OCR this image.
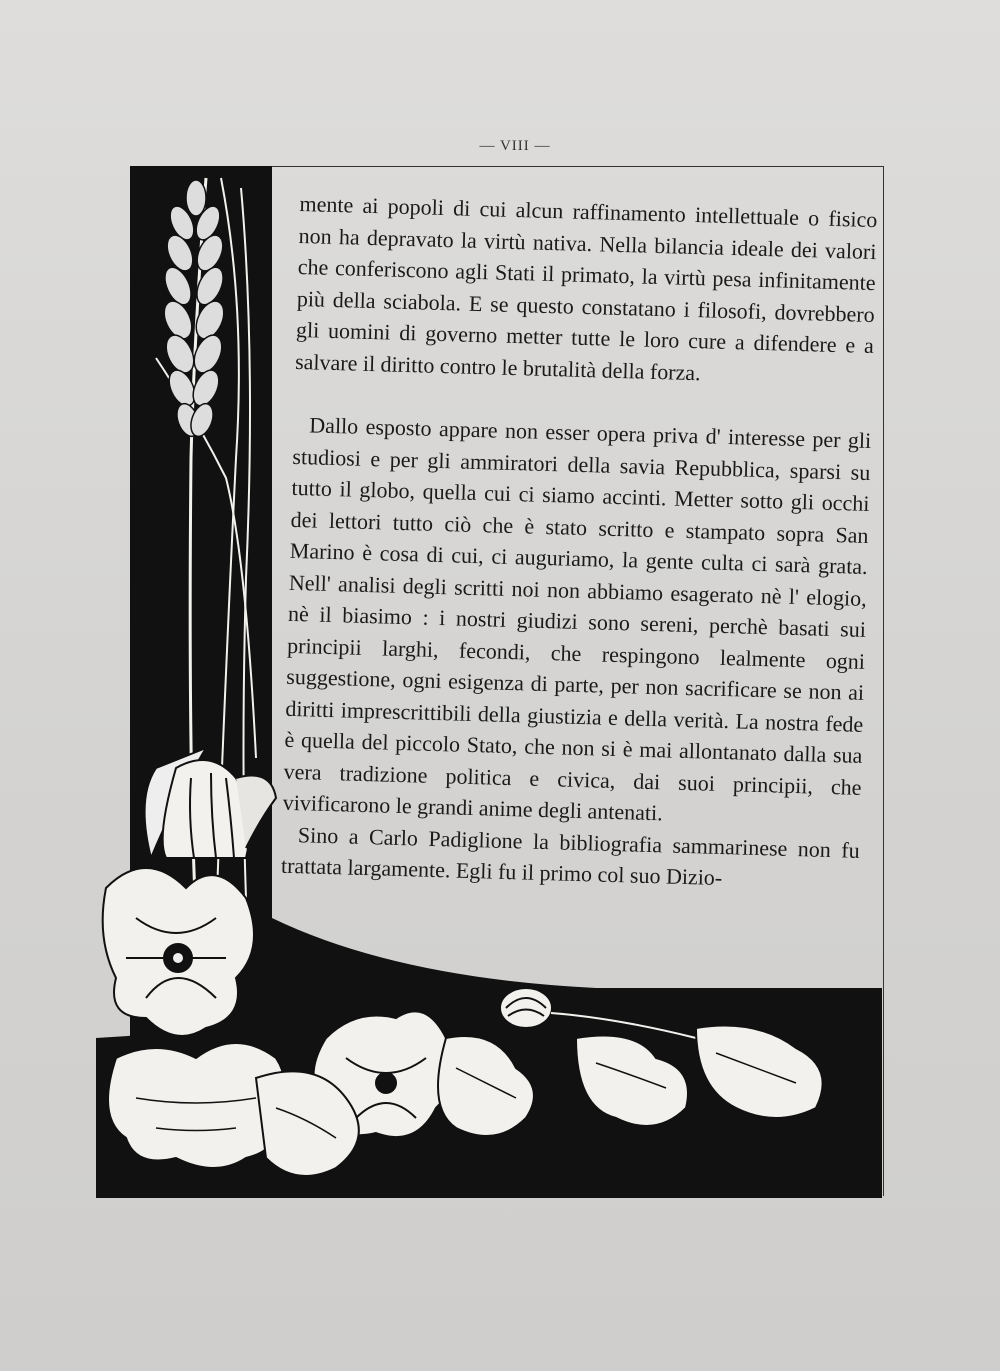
— VIII —
NP

mente ai popoli di cui alcun raffinamento intellettuale o fisico non ha depravato la virtù nativa. Nella bilancia ideale dei valori che conferiscono agli Stati il primato, la virtù pesa infinitamente più della sciabola. E se questo constatano i filosofi, dovrebbero gli uomini di governo metter tutte le loro cure a difendere e a salvare il diritto contro le brutalità della forza.

Dallo esposto appare non esser opera priva d' interesse per gli studiosi e per gli ammiratori della savia Repubblica, sparsi su tutto il globo, quella cui ci siamo accinti. Metter sotto gli occhi dei lettori tutto ciò che è stato scritto e stampato sopra San Marino è cosa di cui, ci auguriamo, la gente culta ci sarà grata. Nell' analisi degli scritti noi non abbiamo esagerato nè l' elogio, nè il biasimo : i nostri giudizi sono sereni, perchè basati sui principii larghi, fecondi, che respingono lealmente ogni suggestione, ogni esigenza di parte, per non sacrificare se non ai diritti imprescrittibili della giustizia e della verità. La nostra fede è quella del piccolo Stato, che non si è mai allontanato dalla sua vera tradizione politica e civica, dai suoi principii, che vivificarono le grandi anime degli antenati.

Sino a Carlo Padiglione la bibliografia sammarinese non fu trattata largamente. Egli fu il primo col suo Dizio-
